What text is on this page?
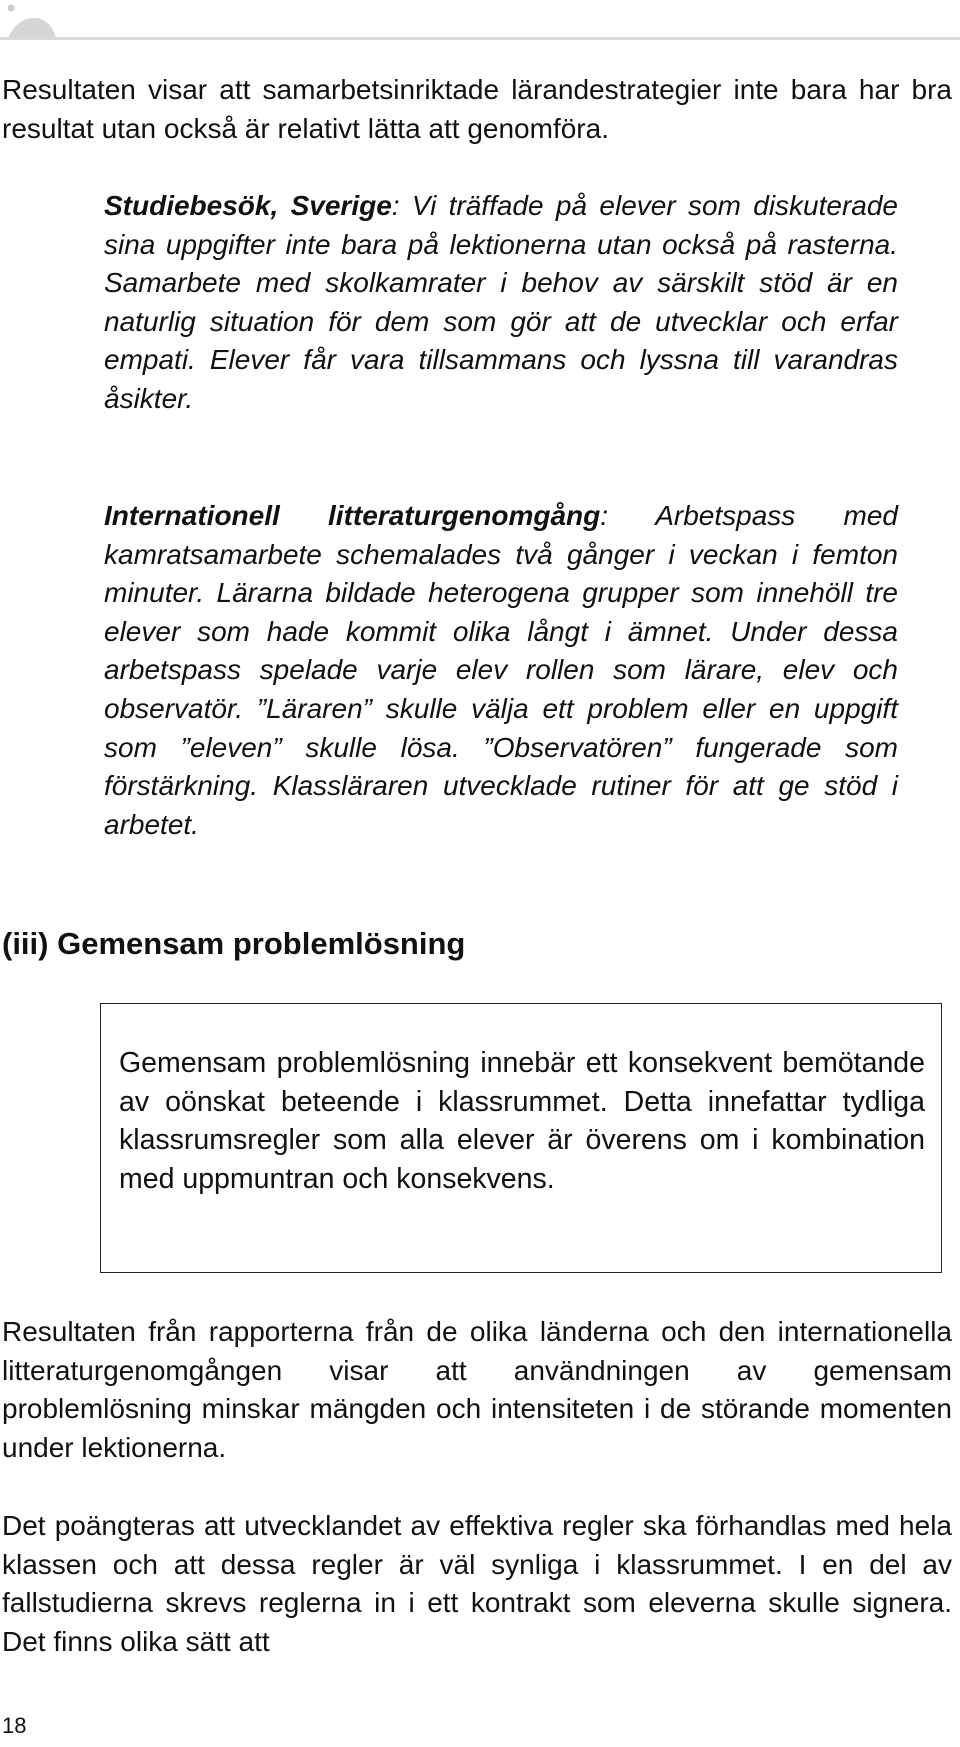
Resultaten visar att samarbetsinriktade lärandestrategier inte bara har bra resultat utan också är relativt lätta att genomföra.

Studiebesök, Sverige: Vi träffade på elever som diskuterade sina uppgifter inte bara på lektionerna utan också på rasterna. Samarbete med skolkamrater i behov av särskilt stöd är en naturlig situation för dem som gör att de utvecklar och erfar empati. Elever får vara tillsammans och lyssna till varandras åsikter.

Internationell litteraturgenomgång: Arbetspass med kamratsamarbete schemalades två gånger i veckan i femton minuter. Lärarna bildade heterogena grupper som innehöll tre elever som hade kommit olika långt i ämnet. Under dessa arbetspass spelade varje elev rollen som lärare, elev och observatör. ”Läraren” skulle välja ett problem eller en uppgift som ”eleven” skulle lösa. ”Observatören” fungerade som förstärkning. Klassläraren utvecklade rutiner för att ge stöd i arbetet.

(iii) Gemensam problemlösning

Gemensam problemlösning innebär ett konsekvent bemötande av oönskat beteende i klassrummet. Detta innefattar tydliga klassrumsregler som alla elever är överens om i kombination med uppmuntran och konsekvens.

Resultaten från rapporterna från de olika länderna och den internationella litteraturgenomgången visar att användningen av gemensam problemlösning minskar mängden och intensiteten i de störande momenten under lektionerna.

Det poängteras att utvecklandet av effektiva regler ska förhandlas med hela klassen och att dessa regler är väl synliga i klassrummet. I en del av fallstudierna skrevs reglerna in i ett kontrakt som eleverna skulle signera. Det finns olika sätt att

18
